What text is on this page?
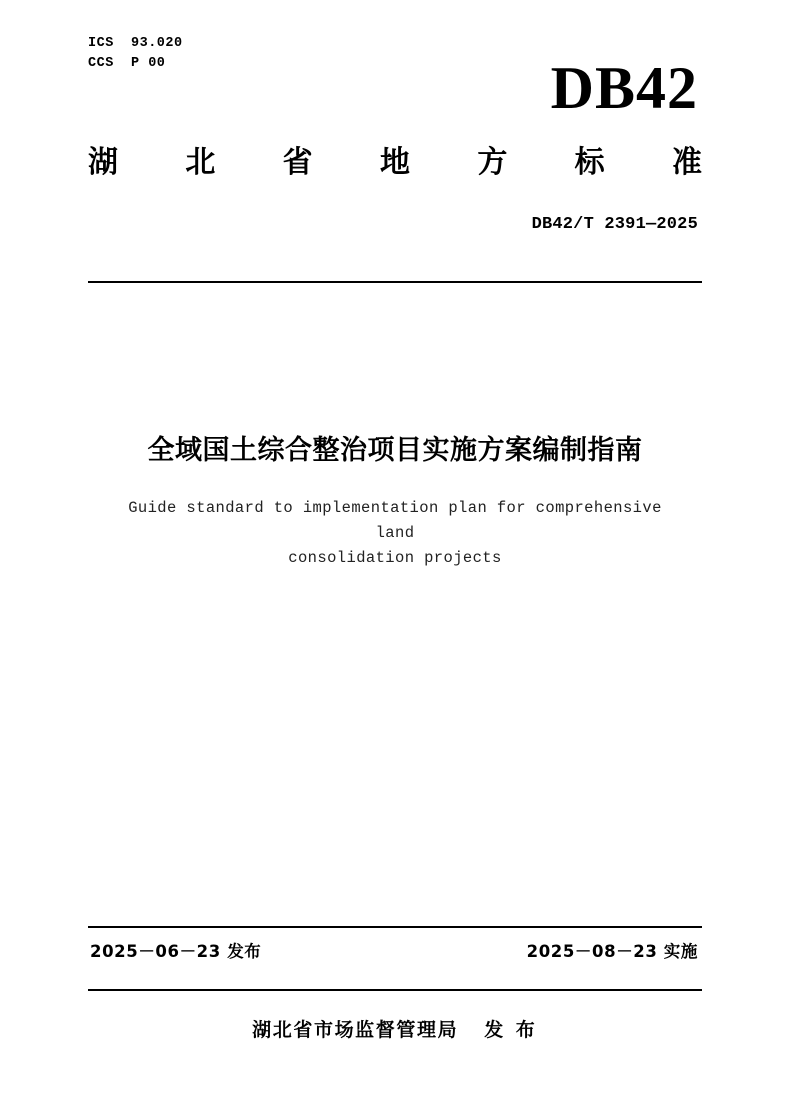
ICS  93.020
CCS  P 00	DB42
湖 北 省 地 方 标 准
DB42/T 2391—2025
全域国土综合整治项目实施方案编制指南
Guide standard to implementation plan for comprehensive land
consolidation projects
2025－06－23 发布	2025－08－23 实施
湖北省市场监督管理局 发 布
